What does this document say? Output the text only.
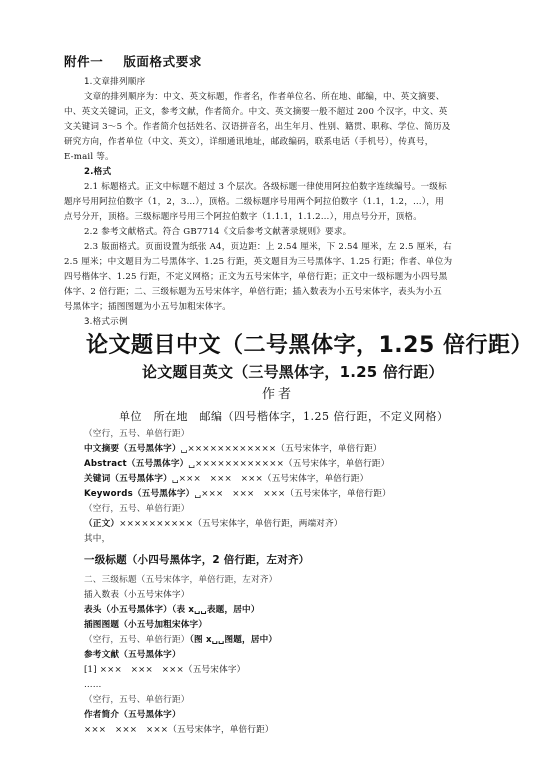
附件一 版面格式要求
1.文章排列顺序
文章的排列顺序为：中文、英文标题，作者名，作者单位名、所在地、邮编，中、英文摘要、
中、英文关键词，正文，参考文献，作者简介。中文、英文摘要一般不超过 200 个汉字，中文、英
文关键词 3～5 个。作者简介包括姓名、汉语拼音名，出生年月、性别、籍贯、职称、学位、简历及
研究方向，作者单位（中文、英文），详细通讯地址，邮政编码，联系电话（手机号），传真号，
E-mail 等。
2.格式
2.1 标题格式。正文中标题不超过 3 个层次。各级标题一律使用阿拉伯数字连续编号。一级标
题序号用阿拉伯数字（1，2，3…），顶格。二级标题序号用两个阿拉伯数字（1.1，1.2，…），用
点号分开，顶格。三级标题序号用三个阿拉伯数字（1.1.1，1.1.2…），用点号分开，顶格。
2.2 参考文献格式。符合 GB7714《文后参考文献著录规则》要求。
2.3 版面格式。页面设置为纸张 A4，页边距：上 2.54 厘米，下 2.54 厘米，左 2.5 厘米，右
2.5 厘米；中文题目为二号黑体字、1.25 行距，英文题目为三号黑体字、1.25 行距；作者、单位为
四号楷体字、1.25 行距，不定义网格；正文为五号宋体字，单倍行距；正文中一级标题为小四号黑
体字、2 倍行距；二、三级标题为五号宋体字，单倍行距；插入数表为小五号宋体字，表头为小五
号黑体字；插图图题为小五号加粗宋体字。
3.格式示例
论文题目中文（二号黑体字，1.25 倍行距）
论文题目英文（三号黑体字，1.25 倍行距）
作者
单位　所在地　邮编（四号楷体字，1.25 倍行距，不定义网格）
（空行，五号、单倍行距）
中文摘要（五号黑体字）␣××××××××××××（五号宋体字，单倍行距）
Abstract（五号黑体字）␣××××××××××××（五号宋体字，单倍行距）
关键词（五号黑体字）␣×××　×××　×××（五号宋体字，单倍行距）
Keywords（五号黑体字）␣×××　×××　×××（五号宋体字，单倍行距）
（空行，五号、单倍行距）
（正文）××××××××××（五号宋体字，单倍行距，两端对齐）
其中，
一级标题（小四号黑体字，2 倍行距，左对齐）
二、三级标题（五号宋体字，单倍行距，左对齐）
插入数表（小五号宋体字）
表头（小五号黑体字）（表 x␣␣表题，居中）
插图图题（小五号加粗宋体字）
（空行，五号、单倍行距）（图 x␣␣图题，居中）
参考文献（五号黑体字）
[1] ×××　×××　×××（五号宋体字）
……
（空行，五号、单倍行距）
作者简介（五号黑体字）
×××　×××　×××（五号宋体字，单倍行距）
